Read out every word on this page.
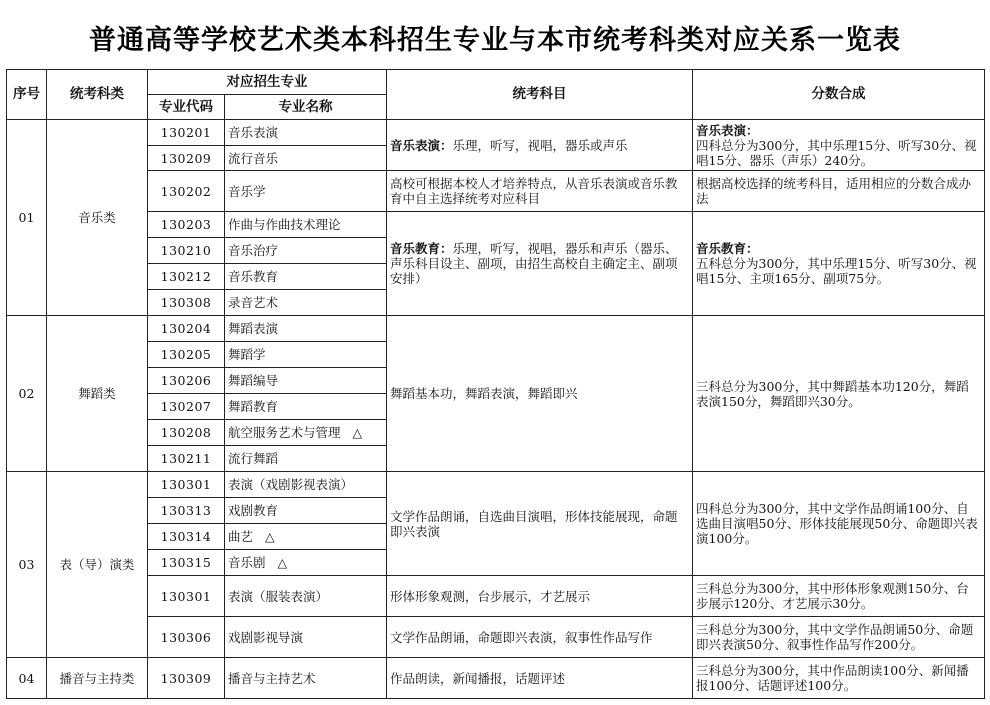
普通高等学校艺术类本科招生专业与本市统考科类对应关系一览表
序号	统考科类	对应招生专业		统考科目	分数合成
		专业代码	专业名称		
01	音乐类	130201	音乐表演	音乐表演：乐理，听写，视唱，器乐或声乐	音乐表演：
四科总分为300分，其中乐理15分、听写30分、视唱15分、器乐（声乐）240分。
		130209	流行音乐		
		130202	音乐学	高校可根据本校人才培养特点，从音乐表演或音乐教育中自主选择统考对应科目	根据高校选择的统考科目，适用相应的分数合成办法
		130203	作曲与作曲技术理论	音乐教育：乐理，听写，视唱，器乐和声乐（器乐、声乐科目设主、副项，由招生高校自主确定主、副项安排）	音乐教育：
五科总分为300分，其中乐理15分、听写30分、视唱15分、主项165分、副项75分。
		130210	音乐治疗		
		130212	音乐教育		
		130308	录音艺术		
02	舞蹈类	130204	舞蹈表演	舞蹈基本功，舞蹈表演，舞蹈即兴	三科总分为300分，其中舞蹈基本功120分，舞蹈表演150分，舞蹈即兴30分。
		130205	舞蹈学		
		130206	舞蹈编导		
		130207	舞蹈教育		
		130208	航空服务艺术与管理 △		
		130211	流行舞蹈		
03	表（导）演类	130301	表演（戏剧影视表演）	文学作品朗诵，自选曲目演唱，形体技能展现，命题即兴表演	四科总分为300分，其中文学作品朗诵100分、自选曲目演唱50分、形体技能展现50分、命题即兴表演100分。
		130313	戏剧教育		
		130314	曲艺 △		
		130315	音乐剧 △		
		130301	表演（服装表演）	形体形象观测，台步展示，才艺展示	三科总分为300分，其中形体形象观测150分、台步展示120分、才艺展示30分。
		130306	戏剧影视导演	文学作品朗诵，命题即兴表演，叙事性作品写作	三科总分为300分，其中文学作品朗诵50分、命题即兴表演50分、叙事性作品写作200分。
04	播音与主持类	130309	播音与主持艺术	作品朗读，新闻播报，话题评述	三科总分为300分，其中作品朗读100分、新闻播报100分、话题评述100分。
